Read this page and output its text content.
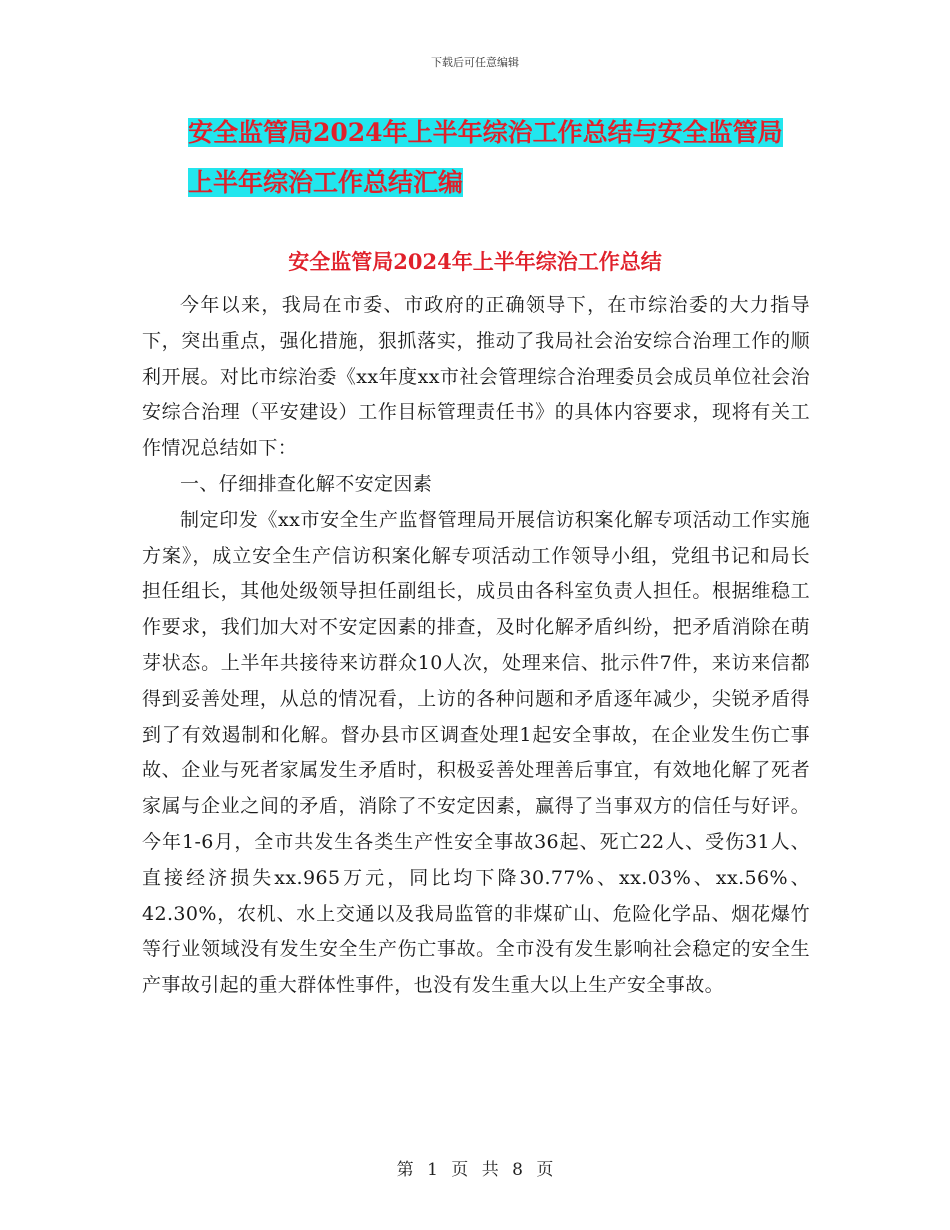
下载后可任意编辑
安全监管局2024年上半年综治工作总结与安全监管局
上半年综治工作总结汇编
安全监管局2024年上半年综治工作总结

今年以来，我局在市委、市政府的正确领导下，在市综治委的大力指导下，突出重点，强化措施，狠抓落实，推动了我局社会治安综合治理工作的顺利开展。对比市综治委《xx年度xx市社会管理综合治理委员会成员单位社会治安综合治理（平安建设）工作目标管理责任书》的具体内容要求，现将有关工作情况总结如下：

一、仔细排查化解不安定因素

制定印发《xx市安全生产监督管理局开展信访积案化解专项活动工作实施方案》，成立安全生产信访积案化解专项活动工作领导小组，党组书记和局长担任组长，其他处级领导担任副组长，成员由各科室负责人担任。根据维稳工作要求，我们加大对不安定因素的排查，及时化解矛盾纠纷，把矛盾消除在萌芽状态。上半年共接待来访群众10人次，处理来信、批示件7件，来访来信都得到妥善处理，从总的情况看，上访的各种问题和矛盾逐年减少，尖锐矛盾得到了有效遏制和化解。督办县市区调查处理1起安全事故，在企业发生伤亡事故、企业与死者家属发生矛盾时，积极妥善处理善后事宜，有效地化解了死者家属与企业之间的矛盾，消除了不安定因素，赢得了当事双方的信任与好评。今年1-6月，全市共发生各类生产性安全事故36起、死亡22人、受伤31人、直接经济损失xx.965万元，同比均下降30.77%、xx.03%、xx.56%、42.30%，农机、水上交通以及我局监管的非煤矿山、危险化学品、烟花爆竹等行业领域没有发生安全生产伤亡事故。全市没有发生影响社会稳定的安全生产事故引起的重大群体性事件，也没有发生重大以上生产安全事故。

第 1 页 共 8 页
